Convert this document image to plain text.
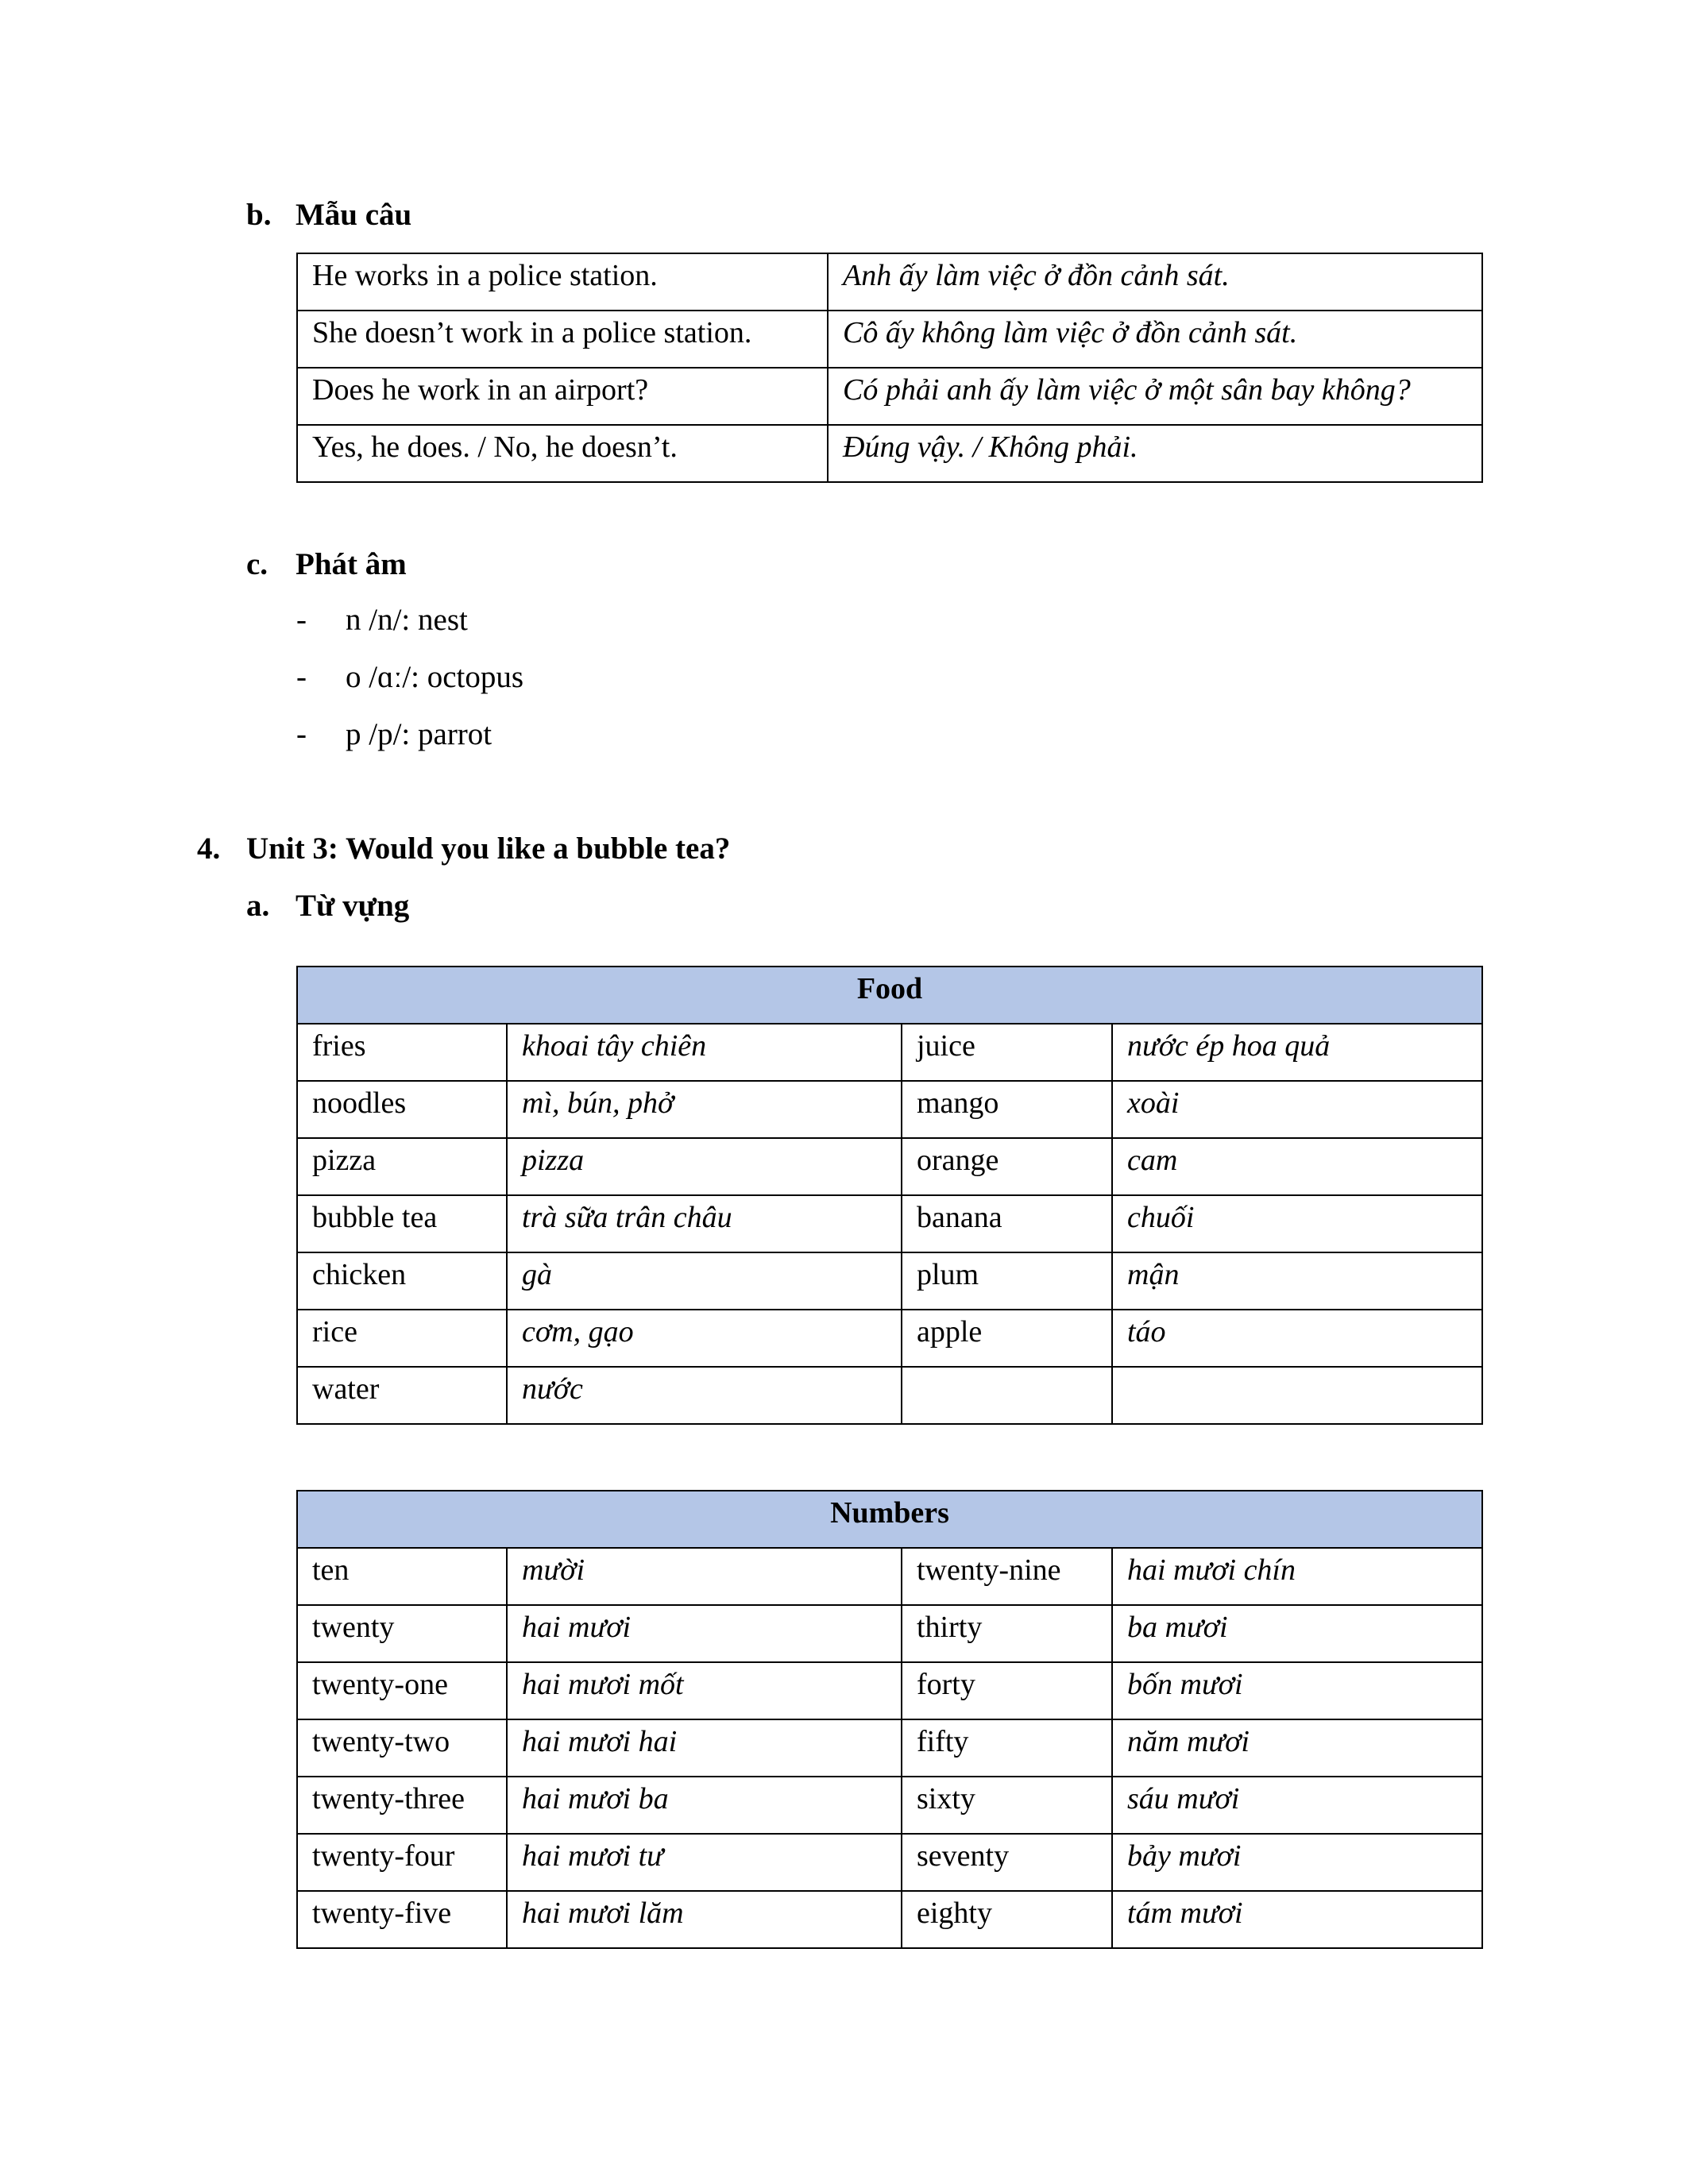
b. Mẫu câu
He works in a police station.	Anh ấy làm việc ở đồn cảnh sát.
She doesn’t work in a police station.	Cô ấy không làm việc ở đồn cảnh sát.
Does he work in an airport?	Có phải anh ấy làm việc ở một sân bay không?
Yes, he does. / No, he doesn’t.	Đúng vậy. / Không phải.
c. Phát âm
- n /n/: nest
- o /ɑː/: octopus
- p /p/: parrot
4. Unit 3: Would you like a bubble tea?
a. Từ vựng
Food			
fries	khoai tây chiên	juice	nước ép hoa quả
noodles	mì, bún, phở	mango	xoài
pizza	pizza	orange	cam
bubble tea	trà sữa trân châu	banana	chuối
chicken	gà	plum	mận
rice	cơm, gạo	apple	táo
water	nước		
Numbers			
ten	mười	twenty-nine	hai mươi chín
twenty	hai mươi	thirty	ba mươi
twenty-one	hai mươi mốt	forty	bốn mươi
twenty-two	hai mươi hai	fifty	năm mươi
twenty-three	hai mươi ba	sixty	sáu mươi
twenty-four	hai mươi tư	seventy	bảy mươi
twenty-five	hai mươi lăm	eighty	tám mươi
